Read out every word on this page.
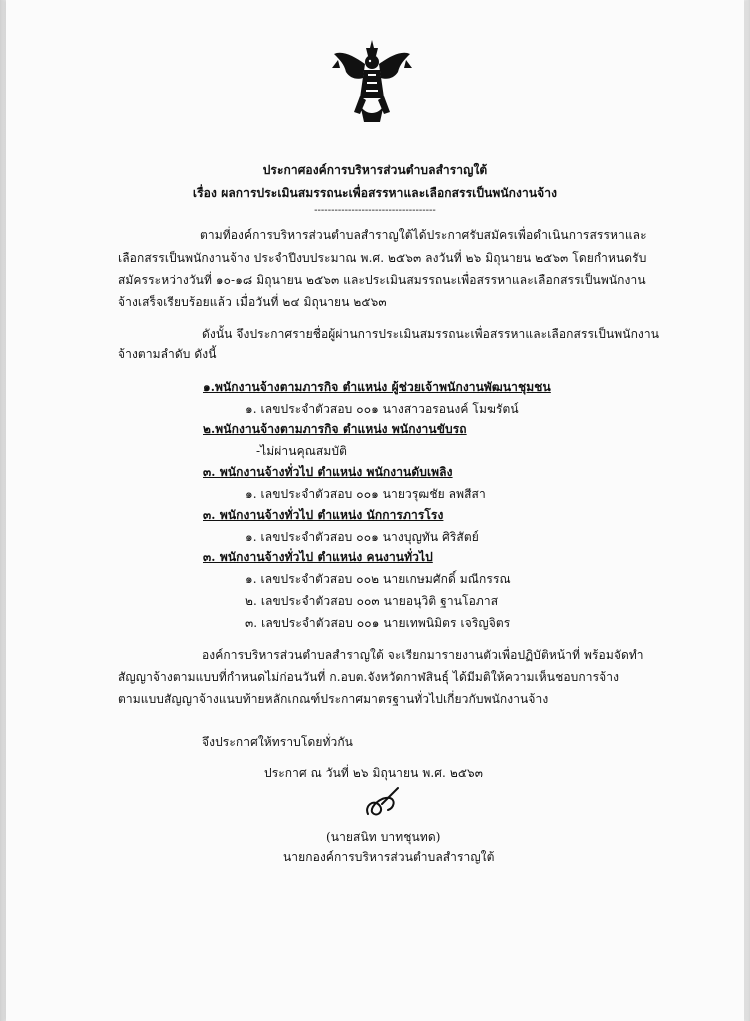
ประกาศองค์การบริหารส่วนตำบลสำราญใต้
เรื่อง ผลการประเมินสมรรถนะเพื่อสรรหาและเลือกสรรเป็นพนักงานจ้าง
------------------------------------
ตามที่องค์การบริหารส่วนตำบลสำราญใต้ได้ประกาศรับสมัครเพื่อดำเนินการสรรหาและ
เลือกสรรเป็นพนักงานจ้าง ประจำปีงบประมาณ พ.ศ. ๒๕๖๓ ลงวันที่ ๒๖ มิถุนายน ๒๕๖๓ โดยกำหนดรับ
สมัครระหว่างวันที่ ๑๐-๑๘ มิถุนายน ๒๕๖๓ และประเมินสมรรถนะเพื่อสรรหาและเลือกสรรเป็นพนักงาน
จ้างเสร็จเรียบร้อยแล้ว เมื่อวันที่ ๒๔ มิถุนายน ๒๕๖๓
ดังนั้น จึงประกาศรายชื่อผู้ผ่านการประเมินสมรรถนะเพื่อสรรหาและเลือกสรรเป็นพนักงาน
จ้างตามลำดับ ดังนี้
๑.พนักงานจ้างตามภารกิจ ตำแหน่ง ผู้ช่วยเจ้าพนักงานพัฒนาชุมชน
๑. เลขประจำตัวสอบ ๐๐๑ นางสาวอรอนงค์ โมฆรัตน์
๒.พนักงานจ้างตามภารกิจ ตำแหน่ง พนักงานขับรถ
-ไม่ผ่านคุณสมบัติ
๓. พนักงานจ้างทั่วไป ตำแหน่ง พนักงานดับเพลิง
๑. เลขประจำตัวสอบ ๐๐๑ นายวรุฒชัย ลพสีสา
๓. พนักงานจ้างทั่วไป ตำแหน่ง นักการภารโรง
๑. เลขประจำตัวสอบ ๐๐๑ นางบุญทัน ศิริสัตย์
๓. พนักงานจ้างทั่วไป ตำแหน่ง คนงานทั่วไป
๑. เลขประจำตัวสอบ ๐๐๒ นายเกษมศักดิ์ มณีกรรณ
๒. เลขประจำตัวสอบ ๐๐๓ นายอนุวิติ ฐานโอภาส
๓. เลขประจำตัวสอบ ๐๐๑ นายเทพนิมิตร เจริญจิตร
องค์การบริหารส่วนตำบลสำราญใต้ จะเรียกมารายงานตัวเพื่อปฏิบัติหน้าที่ พร้อมจัดทำ
สัญญาจ้างตามแบบที่กำหนดไม่ก่อนวันที่ ก.อบต.จังหวัดกาฬสินธุ์ ได้มีมติให้ความเห็นชอบการจ้าง
ตามแบบสัญญาจ้างแนบท้ายหลักเกณฑ์ประกาศมาตรฐานทั่วไปเกี่ยวกับพนักงานจ้าง
จึงประกาศให้ทราบโดยทั่วกัน
ประกาศ ณ วันที่ ๒๖ มิถุนายน พ.ศ. ๒๕๖๓
(นายสนิท บาทชุนทด)
นายกองค์การบริหารส่วนตำบลสำราญใต้
